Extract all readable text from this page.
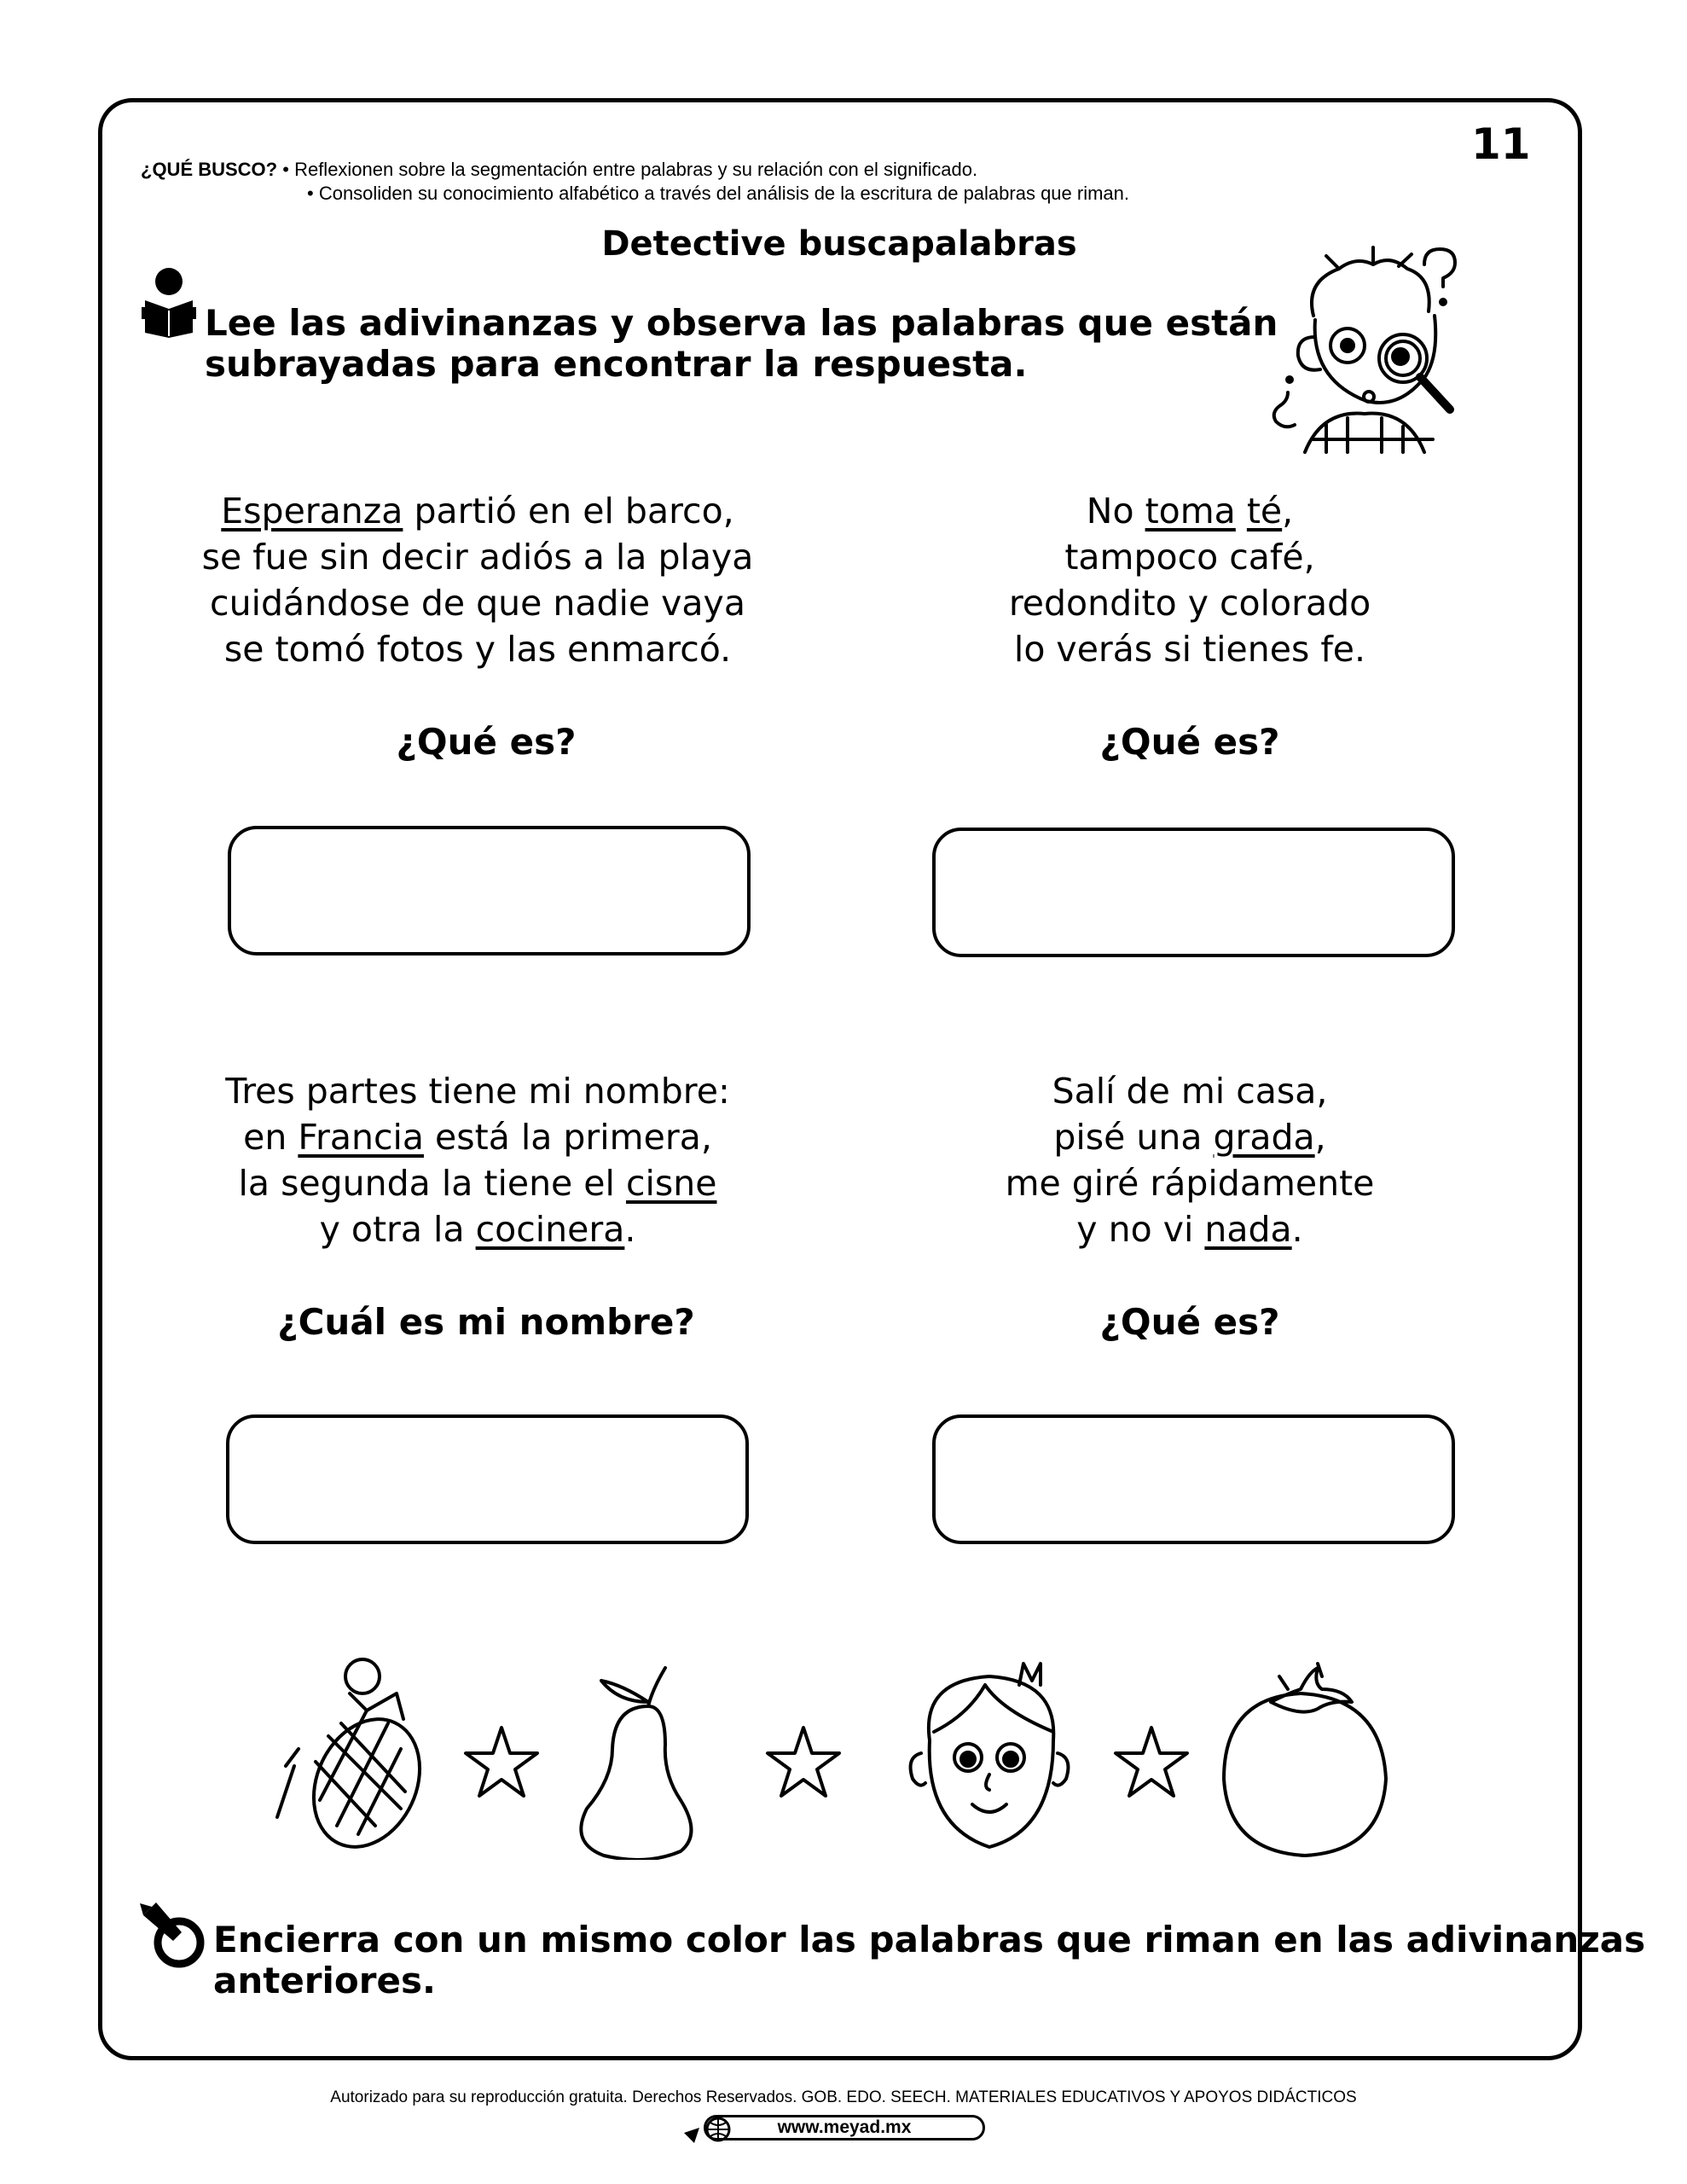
11
¿QUÉ BUSCO? • Reflexionen sobre la segmentación entre palabras y su relación con el significado.
• Consoliden su conocimiento alfabético a través del análisis de la escritura de palabras que riman.
Detective buscapalabras
Lee las adivinanzas y observa las palabras que están
subrayadas para encontrar la respuesta.
Esperanza partió en el barco,
se fue sin decir adiós a la playa
cuidándose de que nadie vaya
se tomó fotos y las enmarcó.
¿Qué es?
No toma té,
tampoco café,
redondito y colorado
lo verás si tienes fe.
¿Qué es?
Tres partes tiene mi nombre:
en Francia está la primera,
la segunda la tiene el cisne
y otra la cocinera.
¿Cuál es mi nombre?
Salí de mi casa,
pisé una grada,
me giré rápidamente
y no vi nada.
¿Qué es?
Encierra con un mismo color las palabras que riman en las adivinanzas
anteriores.
Autorizado para su reproducción gratuita. Derechos Reservados. GOB. EDO. SEECH. MATERIALES EDUCATIVOS Y APOYOS DIDÁCTICOS
www.meyad.mx
